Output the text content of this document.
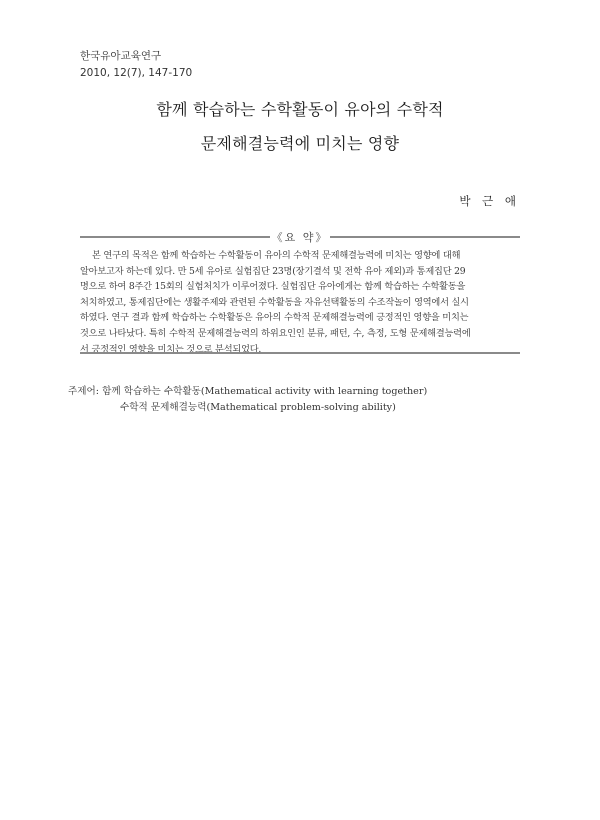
한국유아교육연구
2010, 12(7), 147-170
함께 학습하는 수학활동이 유아의 수학적
문제해결능력에 미치는 영향
박 근 애
《요 약》
본 연구의 목적은 함께 학습하는 수학활동이 유아의 수학적 문제해결능력에 미치는 영향에 대해
알아보고자 하는데 있다. 만 5세 유아로 실험집단 23명(장기결석 및 전학 유아 제외)과 통제집단 29
명으로 하여 8주간 15회의 실험처치가 이루어졌다. 실험집단 유아에게는 함께 학습하는 수학활동을
처치하였고, 통제집단에는 생활주제와 관련된 수학활동을 자유선택활동의 수조작놀이 영역에서 실시
하였다. 연구 결과 함께 학습하는 수학활동은 유아의 수학적 문제해결능력에 긍정적인 영향을 미치는
것으로 나타났다. 특히 수학적 문제해결능력의 하위요인인 분류, 패턴, 수, 측정, 도형 문제해결능력에
서 긍정적인 영향을 미치는 것으로 분석되었다.
주제어: 함께 학습하는 수학활동(Mathematical activity with learning together)
수학적 문제해결능력(Mathematical problem-solving ability)
